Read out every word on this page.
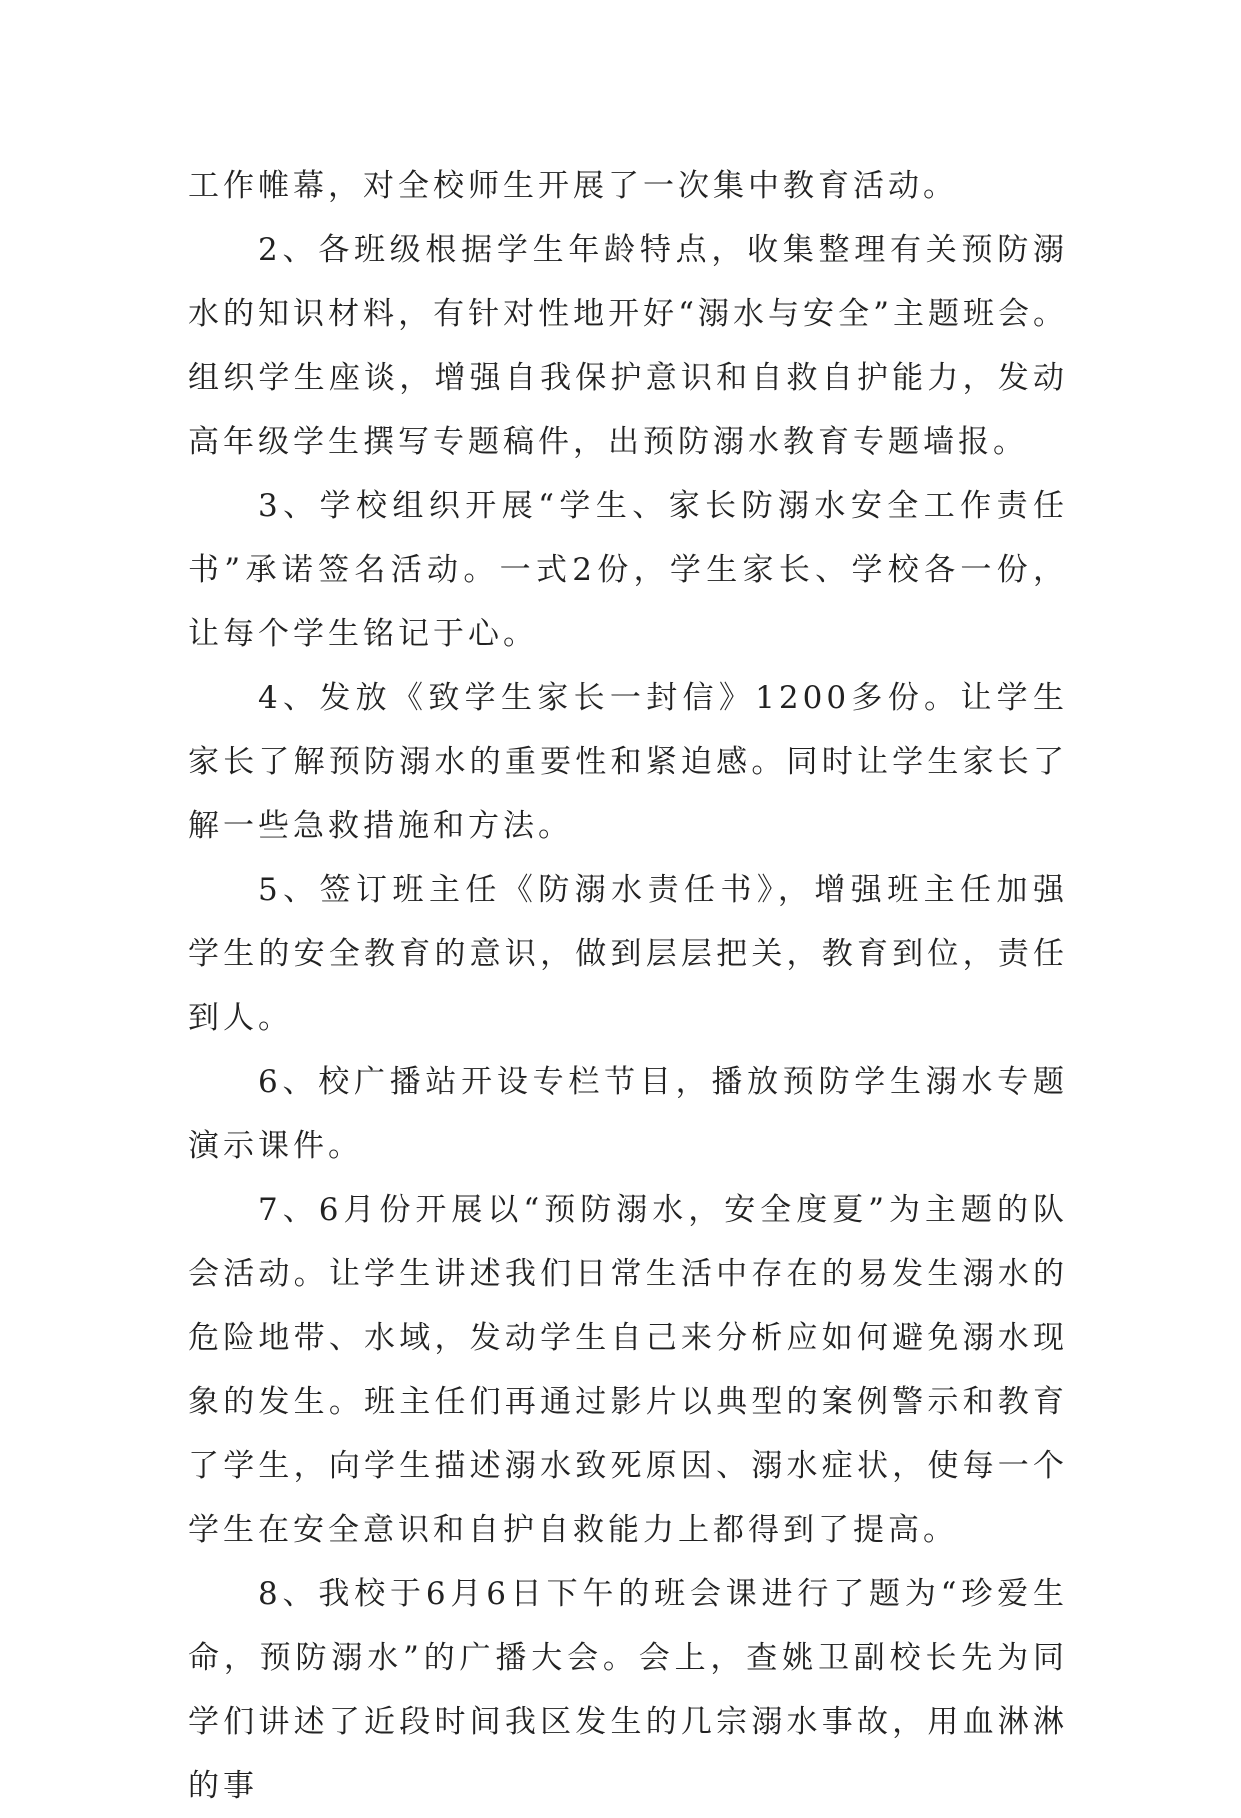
工作帷幕，对全校师生开展了一次集中教育活动。

2、各班级根据学生年龄特点，收集整理有关预防溺水的知识材料，有针对性地开好“溺水与安全”主题班会。组织学生座谈，增强自我保护意识和自救自护能力，发动高年级学生撰写专题稿件，出预防溺水教育专题墙报。

3、学校组织开展“学生、家长防溺水安全工作责任书”承诺签名活动。一式2份，学生家长、学校各一份，让每个学生铭记于心。

4、发放《致学生家长一封信》1200多份。让学生家长了解预防溺水的重要性和紧迫感。同时让学生家长了解一些急救措施和方法。

5、签订班主任《防溺水责任书》，增强班主任加强学生的安全教育的意识，做到层层把关，教育到位，责任到人。

6、校广播站开设专栏节目，播放预防学生溺水专题演示课件。

7、6月份开展以“预防溺水，安全度夏”为主题的队会活动。让学生讲述我们日常生活中存在的易发生溺水的危险地带、水域，发动学生自己来分析应如何避免溺水现象的发生。班主任们再通过影片以典型的案例警示和教育了学生，向学生描述溺水致死原因、溺水症状，使每一个学生在安全意识和自护自救能力上都得到了提高。

8、我校于6月6日下午的班会课进行了题为“珍爱生命，预防溺水”的广播大会。会上，查姚卫副校长先为同学们讲述了近段时间我区发生的几宗溺水事故，用血淋淋的事
